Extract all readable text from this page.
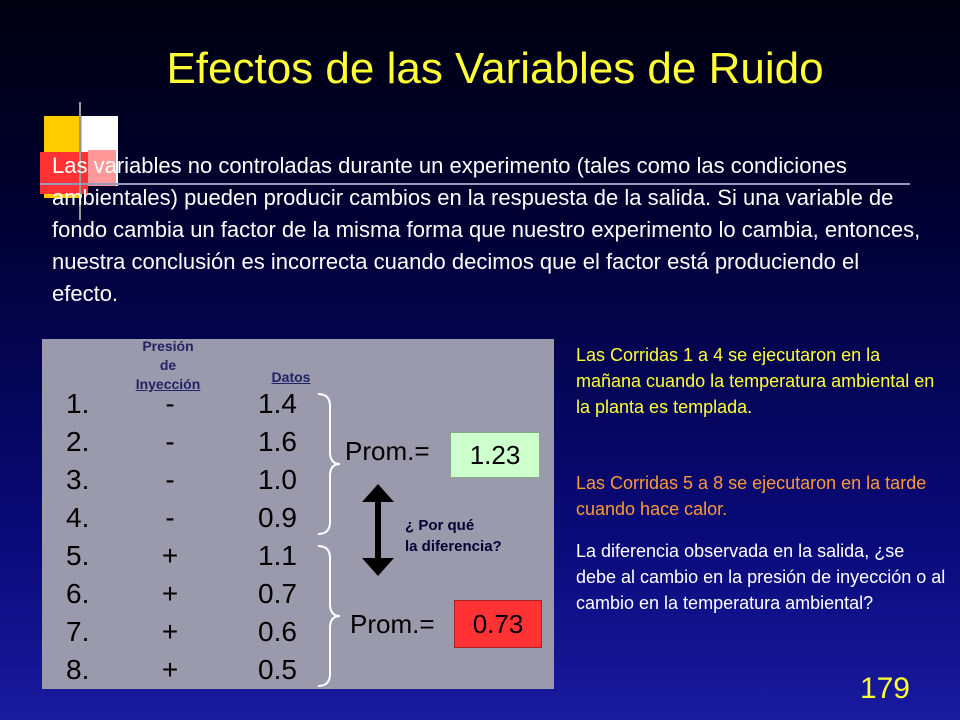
Efectos de las Variables de Ruido
Las variables no controladas durante un experimento (tales como las condiciones ambientales) pueden producir cambios en la respuesta de la salida. Si una variable de fondo cambia un factor de la misma forma que nuestro experimento lo cambia, entonces, nuestra conclusión es incorrecta cuando decimos que el factor está produciendo el efecto.
Presión
de
Inyección	Datos
1.	-	1.4
2.	-	1.6
3.	-	1.0
4.	-	0.9
5.	+	1.1
6.	+	0.7
7.	+	0.6
8.	+	0.5
Prom.=	1.23
Prom.=	0.73
¿ Por qué
la diferencia?
Las Corridas 1 a 4 se ejecutaron en la mañana cuando la temperatura ambiental en la planta es templada.
Las Corridas 5 a 8 se ejecutaron en la tarde cuando hace calor.
La diferencia observada en la salida, ¿se debe al cambio en la presión de inyección o al cambio en la temperatura ambiental?
179
